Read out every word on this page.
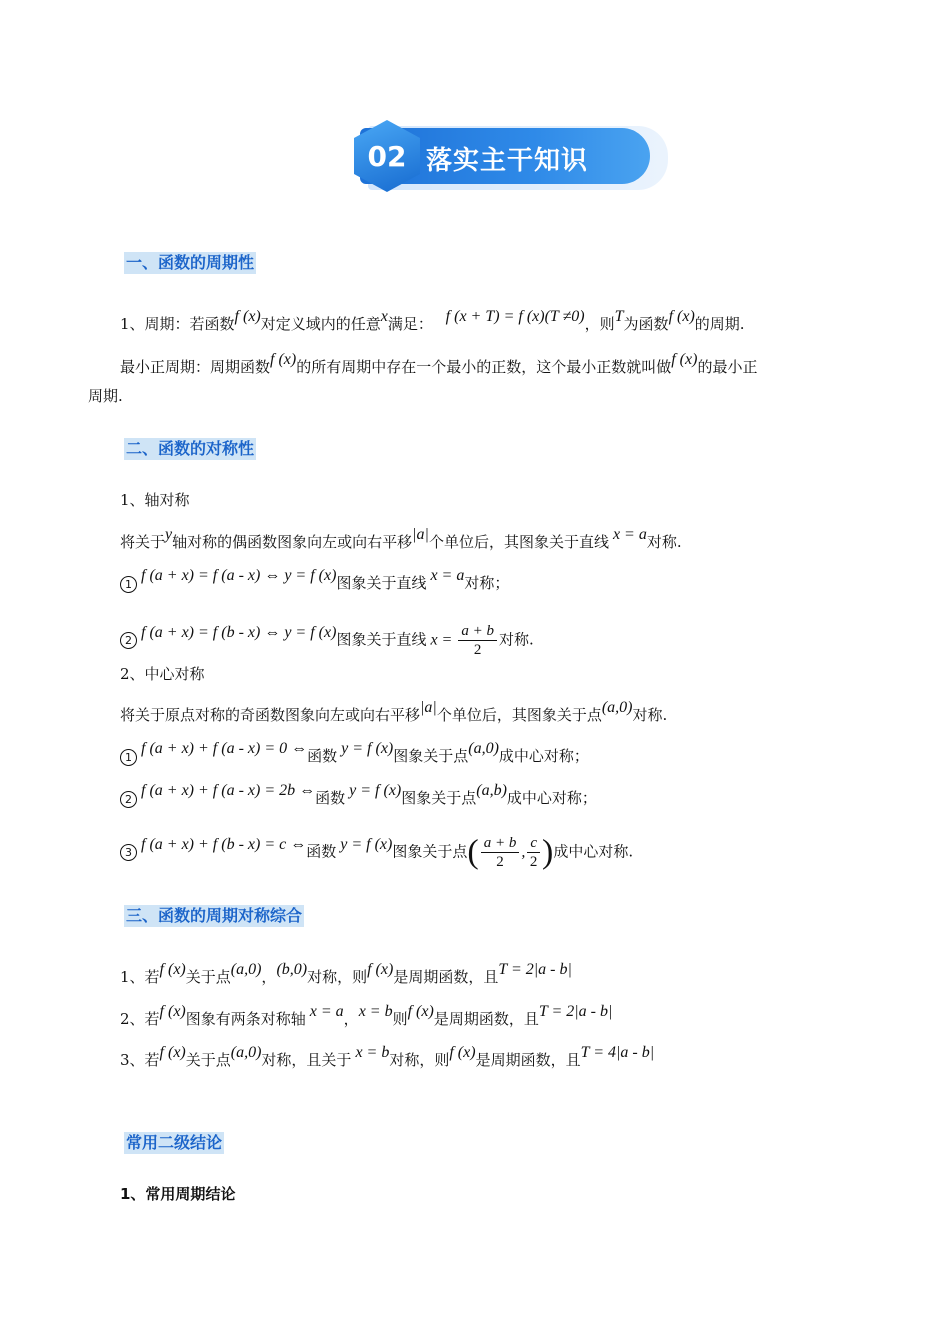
02 落实主干知识
一、函数的周期性
1、周期：若函数f (x)对定义域内的任意x满足：   f (x + T) = f (x)(T ≠0)，则T为函数f (x)的周期.
最小正周期：周期函数f (x)的所有周期中存在一个最小的正数，这个最小正数就叫做f (x)的最小正
周期.
二、函数的对称性
1、轴对称
将关于y轴对称的偶函数图象向左或向右平移|a|个单位后，其图象关于直线 x = a对称.
1 f (a + x) = f (a - x) ⇔ y = f (x)图象关于直线 x = a对称；
2 f (a + x) = f (b - x) ⇔ y = f (x)图象关于直线 $x = \frac{a + b}{2}$ 对称.
2、中心对称
将关于原点对称的奇函数图象向左或向右平移|a|个单位后，其图象关于点(a,0)对称.
1 f (a + x) + f (a - x) = 0 ⇔函数 y = f (x)图象关于点(a,0)成中心对称；
2 f (a + x) + f (a - x) = 2b ⇔函数 y = f (x)图象关于点(a,b)成中心对称；
3 f (a + x) + f (b - x) = c ⇔函数 y = f (x)图象关于点( $\frac{a + b}{2}$ , $\frac{c}{2}$ )成中心对称.
三、函数的周期对称综合
1、若f (x)关于点(a,0)，(b,0)对称，则f (x)是周期函数，且T = 2|a - b|
2、若f (x)图象有两条对称轴 x = a，x = b则f (x)是周期函数，且T = 2|a - b|
3、若f (x)关于点(a,0)对称，且关于 x = b对称，则f (x)是周期函数，且T = 4|a - b|
常用二级结论
1、常用周期结论
